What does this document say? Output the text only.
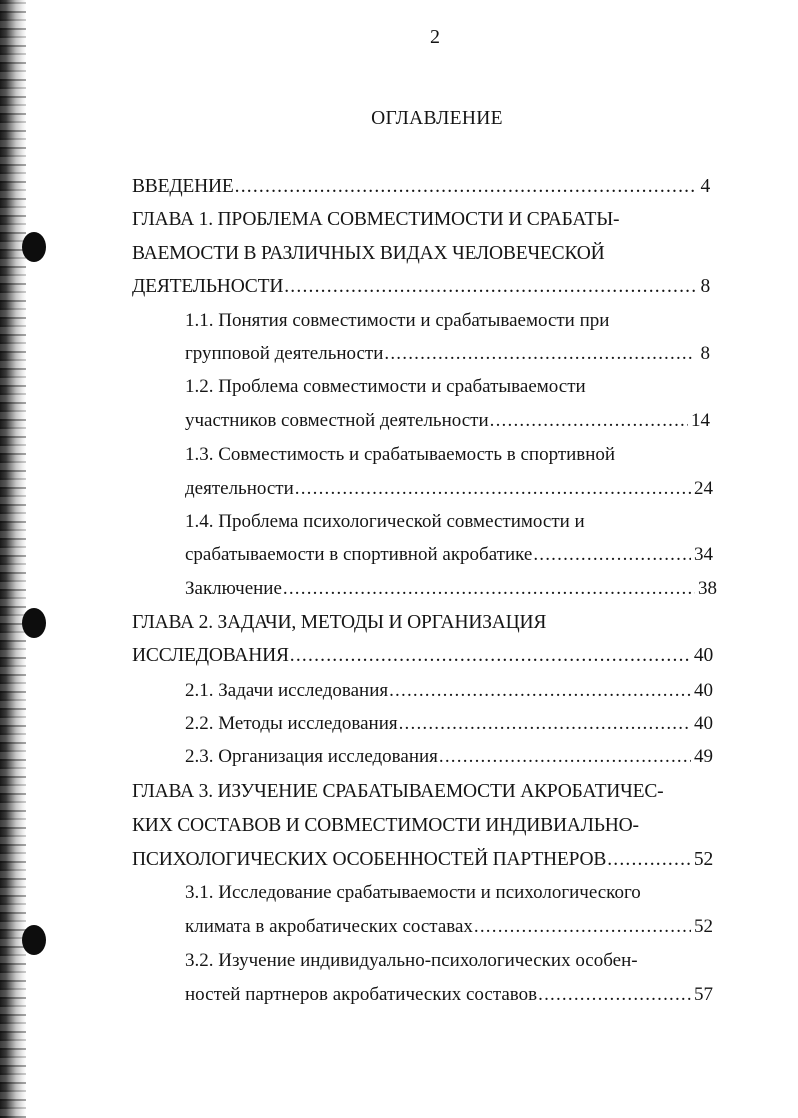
2
ОГЛАВЛЕНИЕ
ВВЕДЕНИЕ .....	4
ГЛАВА 1. ПРОБЛЕМА СОВМЕСТИМОСТИ И СРАБАТЫ-
ВАЕМОСТИ В РАЗЛИЧНЫХ ВИДАХ ЧЕЛОВЕЧЕСКОЙ
ДЕЯТЕЛЬНОСТИ .....	8
1.1. Понятия совместимости и срабатываемости при
групповой деятельности .....	8
1.2. Проблема совместимости и срабатываемости
участников совместной деятельности .....	14
1.3. Совместимость и срабатываемость в спортивной
деятельности .....	24
1.4. Проблема психологической совместимости и
срабатываемости в спортивной акробатике .....	34
Заключение .....	38
ГЛАВА 2. ЗАДАЧИ, МЕТОДЫ И ОРГАНИЗАЦИЯ
ИССЛЕДОВАНИЯ .....	40
2.1. Задачи исследования .....	40
2.2. Методы исследования .....	40
2.3. Организация исследования .....	49
ГЛАВА 3. ИЗУЧЕНИЕ СРАБАТЫВАЕМОСТИ АКРОБАТИЧЕС-
КИХ СОСТАВОВ И СОВМЕСТИМОСТИ ИНДИВИАЛЬНО-
ПСИХОЛОГИЧЕСКИХ ОСОБЕННОСТЕЙ ПАРТНЕРОВ .....	52
3.1. Исследование срабатываемости и психологического
климата в акробатических составах .....	52
3.2. Изучение индивидуально-психологических особен-
ностей партнеров акробатических составов .....	57
